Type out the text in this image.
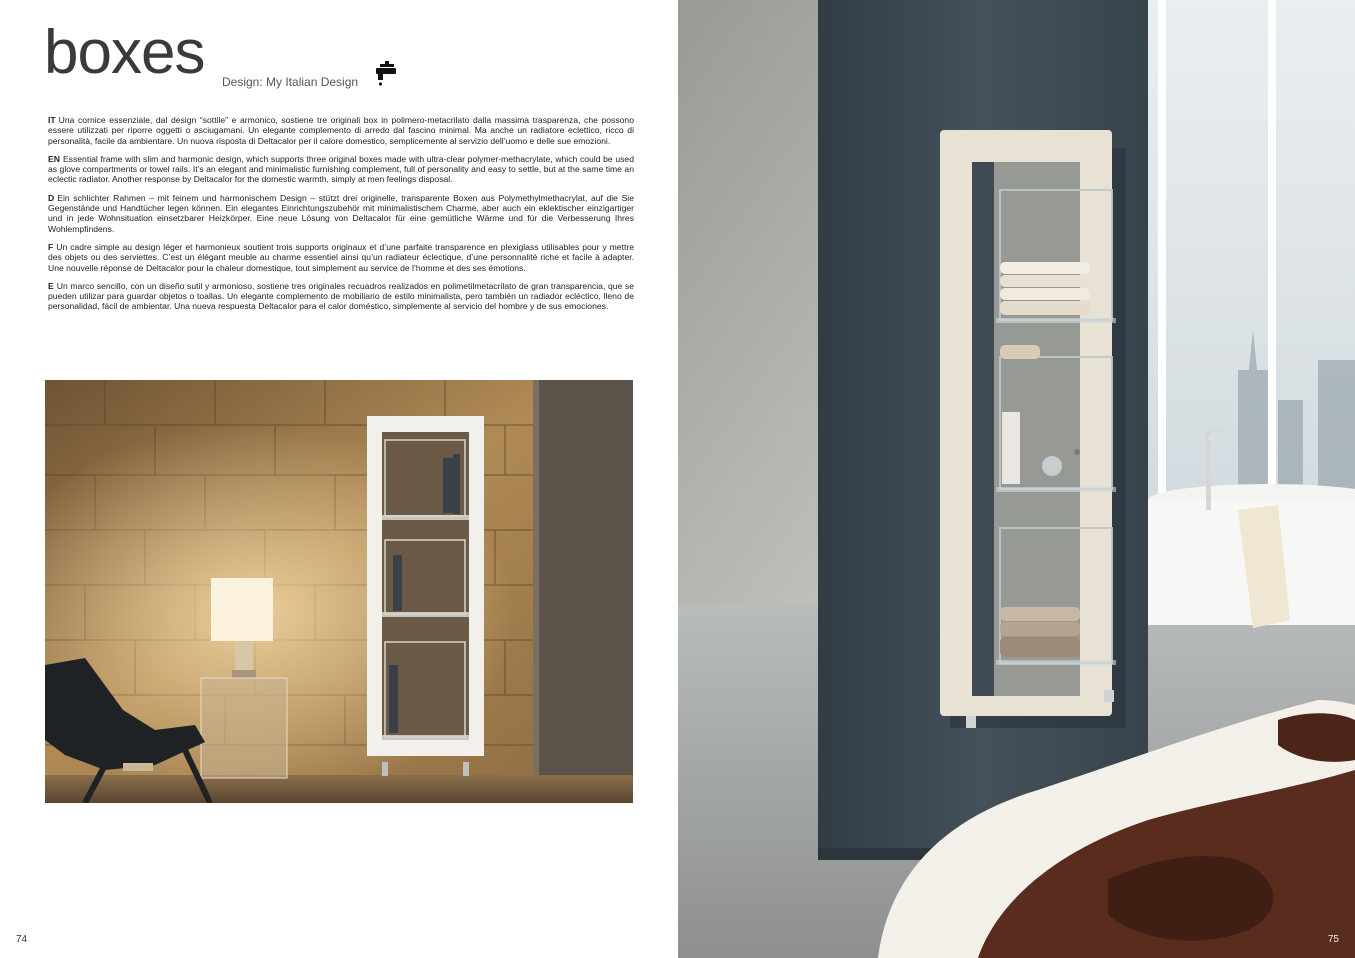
boxes Design: My Italian Design

IT Una cornice essenziale, dal design “sottile” e armonico, sostiene tre originali box in polimero-metacrilato dalla massima trasparenza, che possono essere utilizzati per riporre oggetti o asciugamani. Un elegante complemento di arredo dal fascino minimal. Ma anche un radiatore eclettico, ricco di personalità, facile da ambientare. Un nuova risposta di Deltacalor per il calore domestico, semplicemente al servizio dell’uomo e delle sue emozioni.

EN Essential frame with slim and harmonic design, which supports three original boxes made with ultra-clear polymer-methacrylate, which could be used as glove compartments or towel rails. It’s an elegant and minimalistic furnishing complement, full of personality and easy to settle, but at the same time an eclectic radiator. Another response by Deltacalor for the domestic warmth, simply at men feelings disposal.

D Ein schlichter Rahmen – mit feinem und harmonischem Design – stützt drei originelle, transparente Boxen aus Polymethylmethacrylat, auf die Sie Gegenstände und Handtücher legen können. Ein elegantes Einrichtungszubehör mit minimalistischem Charme, aber auch ein eklektischer einzigartiger und in jede Wohnsituation einsetzbarer Heizkörper. Eine neue Lösung von Deltacalor für eine gemütliche Wärme und für die Verbesserung Ihres Wohlempfindens.

F Un cadre simple au design léger et harmonieux soutient trois supports originaux et d’une parfaite transparence en plexiglass utilisables pour y mettre des objets ou des serviettes. C’est un élégant meuble au charme essentiel ainsi qu’un radiateur éclectique, d’une personnalité riche et facile à adapter. Une nouvelle réponse de Deltacalor pour la chaleur domestique, tout simplement au service de l’homme et des ses émotions.

E Un marco sencillo, con un diseño sutil y armonioso, sostiene tres originales recuadros realizados en polimetilmetacrilato de gran transparencia, que se pueden utilizar para guardar objetos o toallas. Un elegante complemento de mobiliario de estilo minimalista, pero también un radiador ecléctico, lleno de personalidad, fácil de ambientar. Una nueva respuesta Deltacalor para el calor doméstico, simplemente al servicio del hombre y de sus emociones.

74	75
